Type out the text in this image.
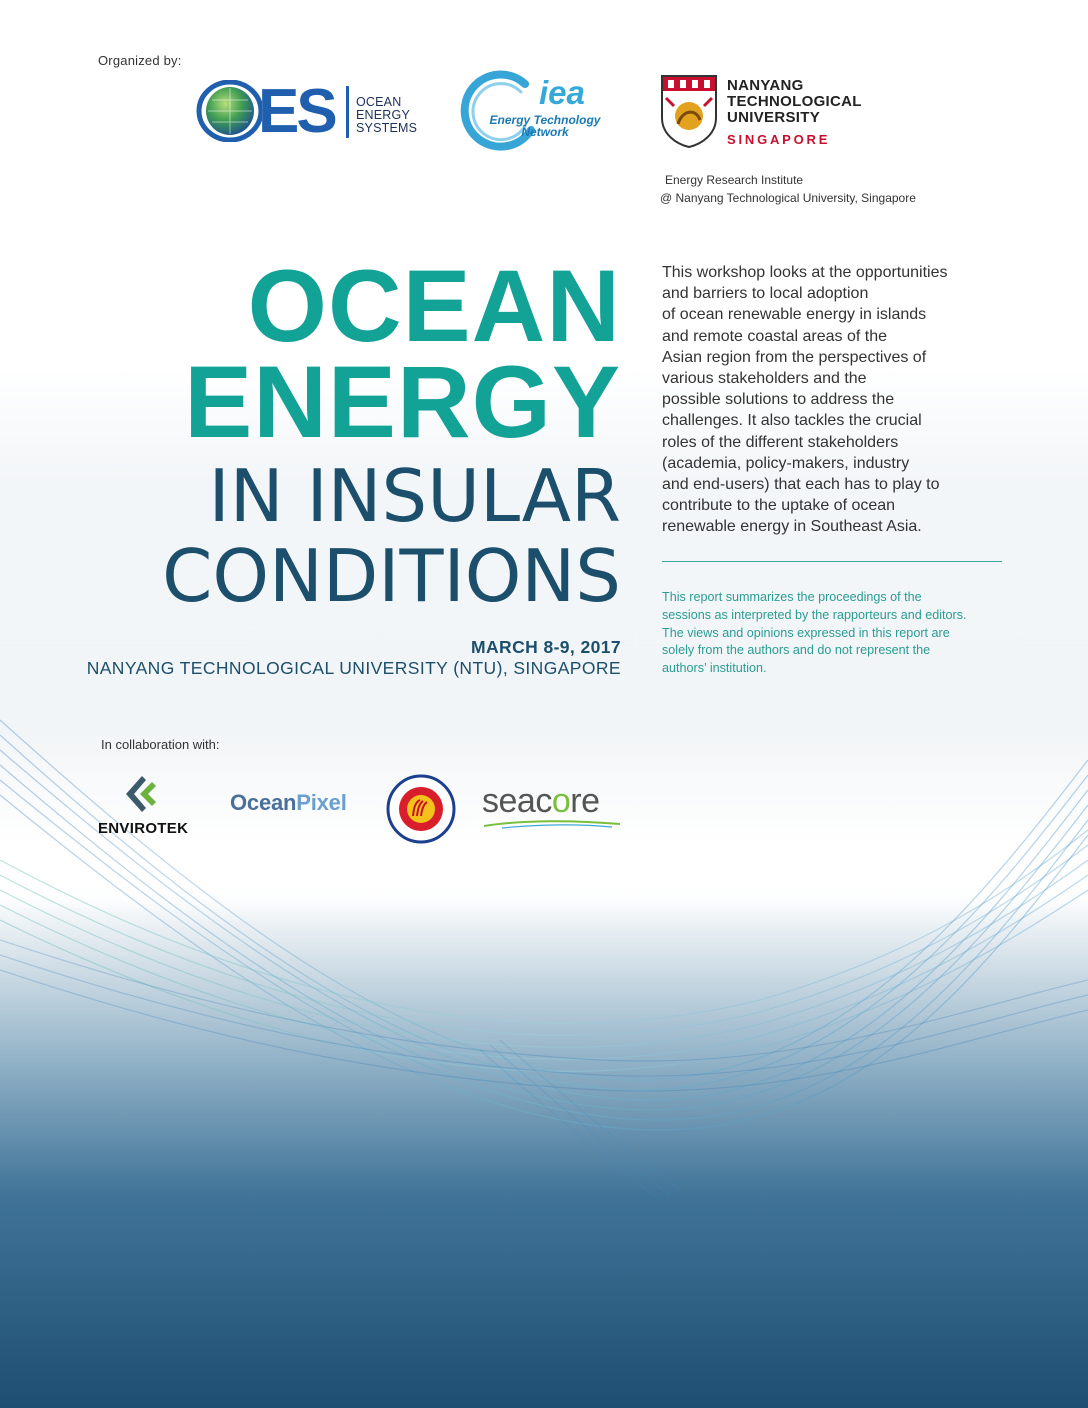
Organized by:
ES OCEAN
ENERGY
SYSTEMS
iea
Energy Technology
Network
NANYANG
TECHNOLOGICAL
UNIVERSITY
SINGAPORE
Energy Research Institute
@ Nanyang Technological University, Singapore
OCEAN
ENERGY
IN INSULAR
CONDITIONS
MARCH 8-9, 2017
NANYANG TECHNOLOGICAL UNIVERSITY (NTU), SINGAPORE
This workshop looks at the opportunities
and barriers to local adoption
of ocean renewable energy in islands
and remote coastal areas of the
Asian region from the perspectives of
various stakeholders and the
possible solutions to address the
challenges. It also tackles the crucial
roles of the different stakeholders
(academia, policy-makers, industry
and end-users) that each has to play to
contribute to the uptake of ocean
renewable energy in Southeast Asia.
This report summarizes the proceedings of the
sessions as interpreted by the rapporteurs and editors.
The views and opinions expressed in this report are
solely from the authors and do not represent the
authors’ institution.
In collaboration with:
ENVIROTEK
OceanPixel	seacore
